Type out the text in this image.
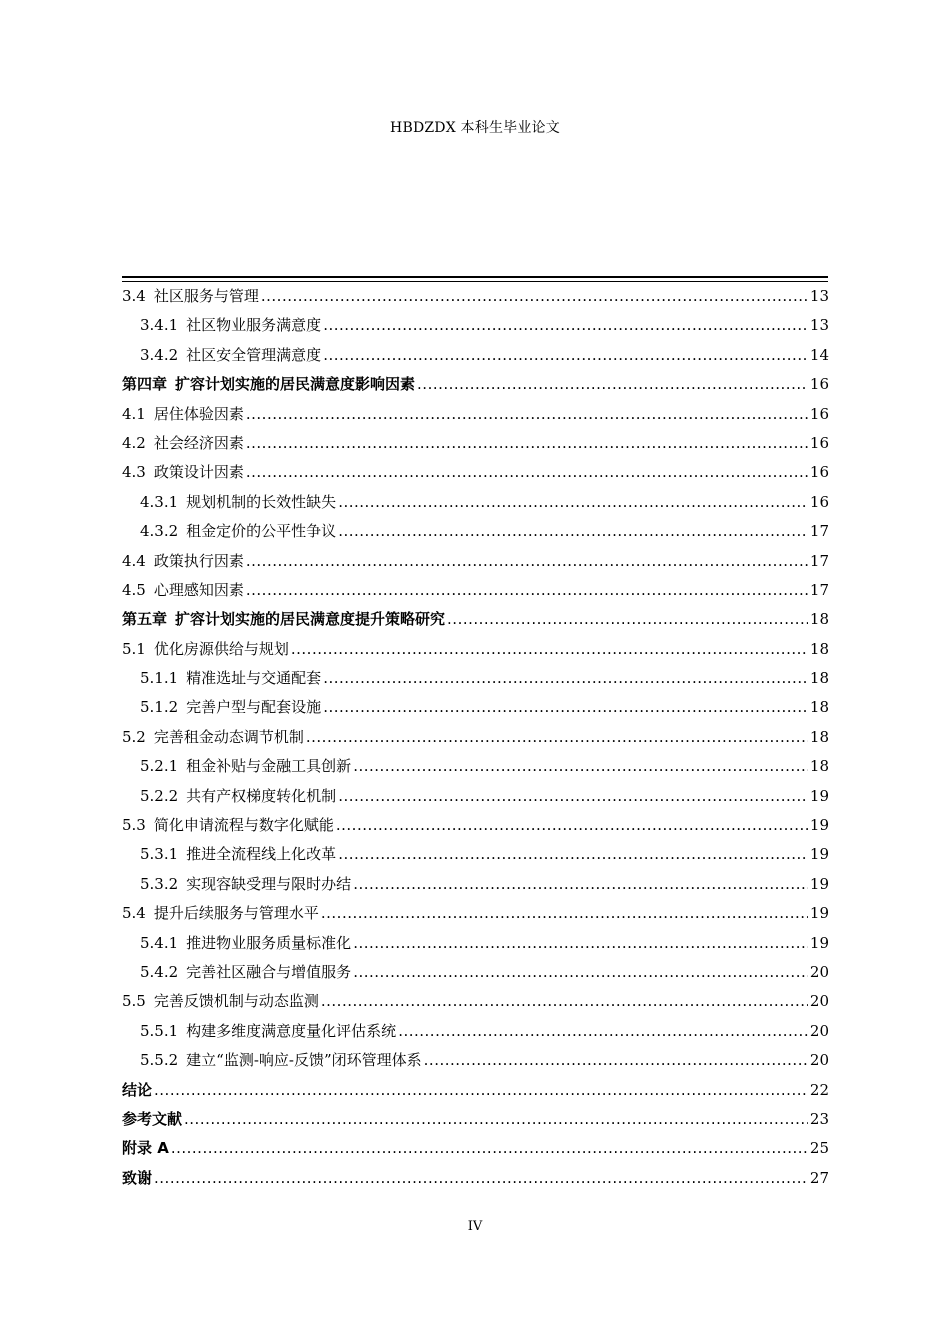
HBDZDX 本科生毕业论文
3.4 社区服务与管理 .....	13
3.4.1 社区物业服务满意度 .....	13
3.4.2 社区安全管理满意度 .....	14
第四章 扩容计划实施的居民满意度影响因素 .....	16
4.1 居住体验因素 .....	16
4.2 社会经济因素 .....	16
4.3 政策设计因素 .....	16
4.3.1 规划机制的长效性缺失 .....	16
4.3.2 租金定价的公平性争议 .....	17
4.4 政策执行因素 .....	17
4.5 心理感知因素 .....	17
第五章 扩容计划实施的居民满意度提升策略研究 .....	18
5.1 优化房源供给与规划 .....	18
5.1.1 精准选址与交通配套 .....	18
5.1.2 完善户型与配套设施 .....	18
5.2 完善租金动态调节机制 .....	18
5.2.1 租金补贴与金融工具创新 .....	18
5.2.2 共有产权梯度转化机制 .....	19
5.3 简化申请流程与数字化赋能 .....	19
5.3.1 推进全流程线上化改革 .....	19
5.3.2 实现容缺受理与限时办结 .....	19
5.4 提升后续服务与管理水平 .....	19
5.4.1 推进物业服务质量标准化 .....	19
5.4.2 完善社区融合与增值服务 .....	20
5.5 完善反馈机制与动态监测 .....	20
5.5.1 构建多维度满意度量化评估系统 .....	20
5.5.2 建立“监测-响应-反馈”闭环管理体系 .....	20
结论 .....	22
参考文献 .....	23
附录 A .....	25
致谢 .....	27
IV
